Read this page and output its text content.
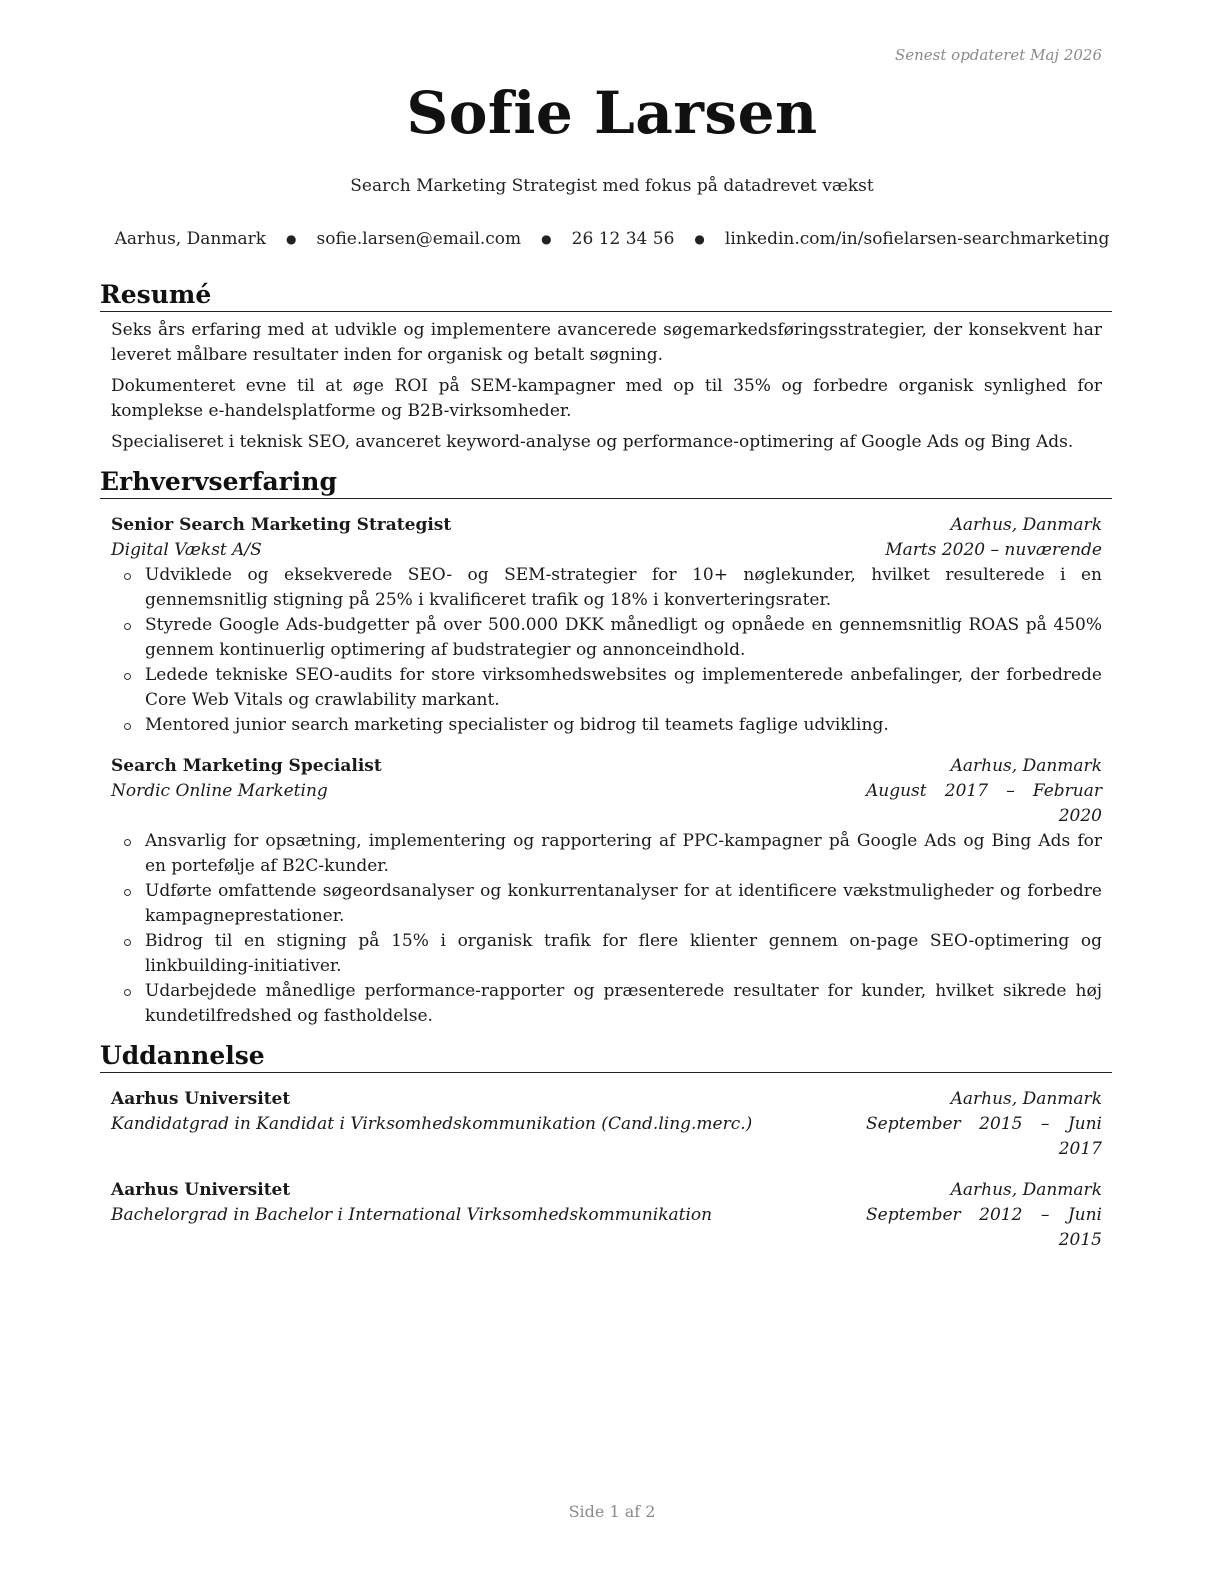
Senest opdateret Maj 2026
Sofie Larsen
Search Marketing Strategist med fokus på datadrevet vækst
Aarhus, Danmark ● sofie.larsen@email.com ● 26 12 34 56 ● linkedin.com/in/sofielarsen-searchmarketing
Resumé

Seks års erfaring med at udvikle og implementere avancerede søgemarkedsføringsstrategier, der konsekvent har leveret målbare resultater inden for organisk og betalt søgning.

Dokumenteret evne til at øge ROI på SEM-kampagner med op til 35% og forbedre organisk synlighed for komplekse e-handelsplatforme og B2B-virksomheder.

Specialiseret i teknisk SEO, avanceret keyword-analyse og performance-optimering af Google Ads og Bing Ads.

Erhvervserfaring
Senior Search Marketing Strategist	Aarhus, Danmark
Digital Vækst A/S	Marts 2020 – nuværende
Udviklede og eksekverede SEO- og SEM-strategier for 10+ nøglekunder, hvilket resulterede i en gennemsnitlig stigning på 25% i kvalificeret trafik og 18% i konverteringsrater.
Styrede Google Ads-budgetter på over 500.000 DKK månedligt og opnåede en gennemsnitlig ROAS på 450% gennem kontinuerlig optimering af budstrategier og annonceindhold.
Ledede tekniske SEO-audits for store virksomhedswebsites og implementerede anbefalinger, der forbedrede Core Web Vitals og crawlability markant.
Mentored junior search marketing specialister og bidrog til teamets faglige udvikling.
Search Marketing Specialist	Aarhus, Danmark
Nordic Online Marketing	August 2017 – Februar 2020
Ansvarlig for opsætning, implementering og rapportering af PPC-kampagner på Google Ads og Bing Ads for en portefølje af B2C-kunder.
Udførte omfattende søgeordsanalyser og konkurrentanalyser for at identificere vækstmuligheder og forbedre kampagneprestationer.
Bidrog til en stigning på 15% i organisk trafik for flere klienter gennem on-page SEO-optimering og linkbuilding-initiativer.
Udarbejdede månedlige performance-rapporter og præsenterede resultater for kunder, hvilket sikrede høj kundetilfredshed og fastholdelse.
Uddannelse
Aarhus Universitet	Aarhus, Danmark
Kandidatgrad in Kandidat i Virksomhedskommunikation (Cand.ling.merc.)	September 2015 – Juni 2017
Aarhus Universitet	Aarhus, Danmark
Bachelorgrad in Bachelor i International Virksomhedskommunikation	September 2012 – Juni 2015
Side 1 af 2
